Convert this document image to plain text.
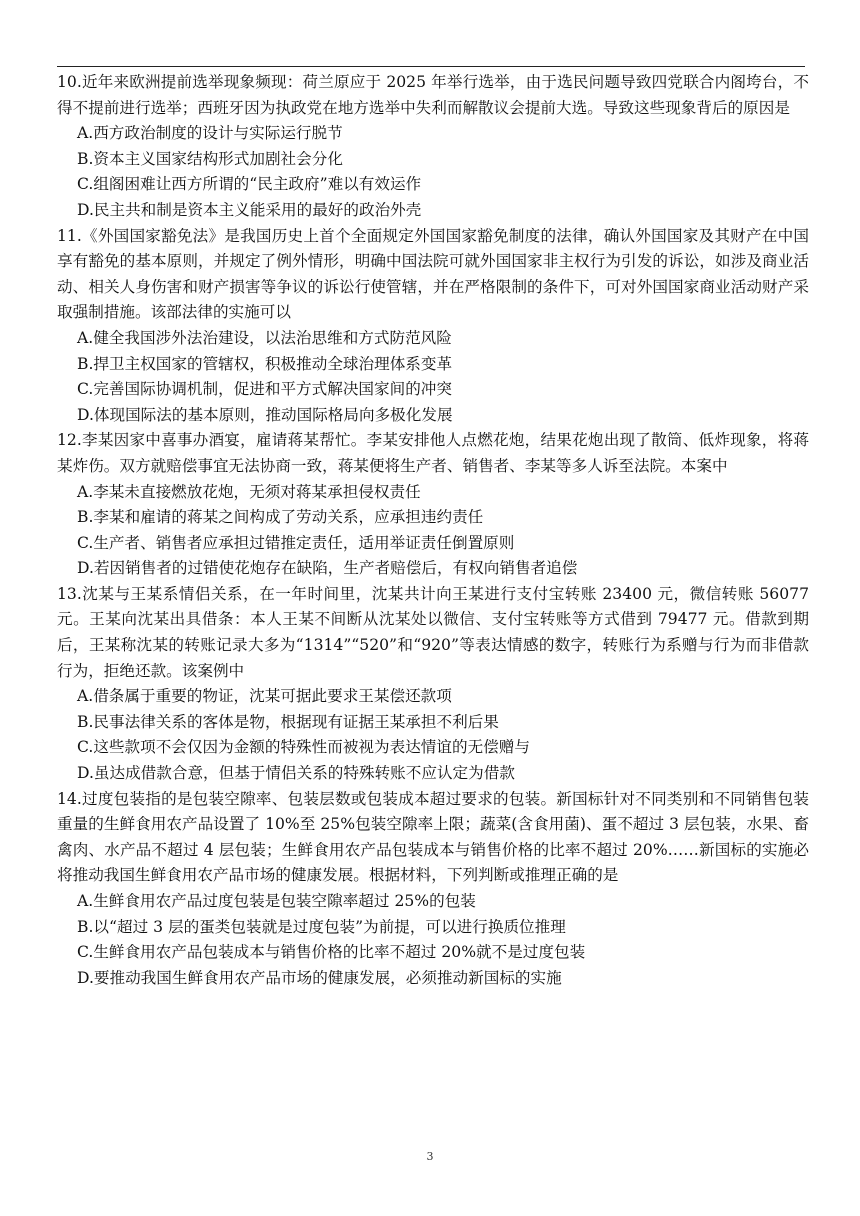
10.近年来欧洲提前选举现象频现：荷兰原应于 2025 年举行选举，由于选民问题导致四党联合内阁垮台，不得不提前进行选举；西班牙因为执政党在地方选举中失利而解散议会提前大选。导致这些现象背后的原因是

A.西方政治制度的设计与实际运行脱节

B.资本主义国家结构形式加剧社会分化

C.组阁困难让西方所谓的“民主政府”难以有效运作

D.民主共和制是资本主义能采用的最好的政治外壳

11.《外国国家豁免法》是我国历史上首个全面规定外国国家豁免制度的法律，确认外国国家及其财产在中国享有豁免的基本原则，并规定了例外情形，明确中国法院可就外国国家非主权行为引发的诉讼，如涉及商业活动、相关人身伤害和财产损害等争议的诉讼行使管辖，并在严格限制的条件下，可对外国国家商业活动财产采取强制措施。该部法律的实施可以

A.健全我国涉外法治建设，以法治思维和方式防范风险

B.捍卫主权国家的管辖权，积极推动全球治理体系变革

C.完善国际协调机制，促进和平方式解决国家间的冲突

D.体现国际法的基本原则，推动国际格局向多极化发展

12.李某因家中喜事办酒宴，雇请蒋某帮忙。李某安排他人点燃花炮，结果花炮出现了散筒、低炸现象，将蒋某炸伤。双方就赔偿事宜无法协商一致，蒋某便将生产者、销售者、李某等多人诉至法院。本案中

A.李某未直接燃放花炮，无须对蒋某承担侵权责任

B.李某和雇请的蒋某之间构成了劳动关系，应承担违约责任

C.生产者、销售者应承担过错推定责任，适用举证责任倒置原则

D.若因销售者的过错使花炮存在缺陷，生产者赔偿后，有权向销售者追偿

13.沈某与王某系情侣关系，在一年时间里，沈某共计向王某进行支付宝转账 23400 元，微信转账 56077 元。王某向沈某出具借条：本人王某不间断从沈某处以微信、支付宝转账等方式借到 79477 元。借款到期后，王某称沈某的转账记录大多为“1314”“520”和“920”等表达情感的数字，转账行为系赠与行为而非借款行为，拒绝还款。该案例中

A.借条属于重要的物证，沈某可据此要求王某偿还款项

B.民事法律关系的客体是物，根据现有证据王某承担不利后果

C.这些款项不会仅因为金额的特殊性而被视为表达情谊的无偿赠与

D.虽达成借款合意，但基于情侣关系的特殊转账不应认定为借款

14.过度包装指的是包装空隙率、包装层数或包装成本超过要求的包装。新国标针对不同类别和不同销售包装重量的生鲜食用农产品设置了 10%至 25%包装空隙率上限；蔬菜(含食用菌)、蛋不超过 3 层包装，水果、畜禽肉、水产品不超过 4 层包装；生鲜食用农产品包装成本与销售价格的比率不超过 20%……新国标的实施必将推动我国生鲜食用农产品市场的健康发展。根据材料，下列判断或推理正确的是

A.生鲜食用农产品过度包装是包装空隙率超过 25%的包装

B.以“超过 3 层的蛋类包装就是过度包装”为前提，可以进行换质位推理

C.生鲜食用农产品包装成本与销售价格的比率不超过 20%就不是过度包装

D.要推动我国生鲜食用农产品市场的健康发展，必须推动新国标的实施

3
